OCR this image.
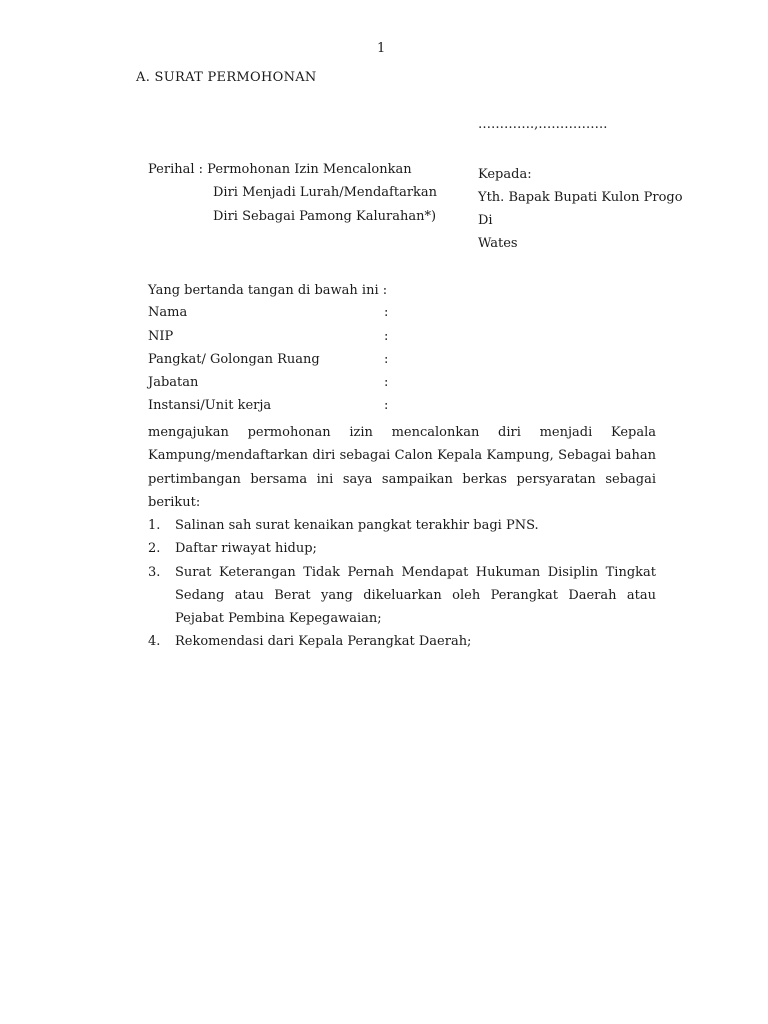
1
A. SURAT PERMOHONAN
………….,…………….
Perihal : Permohonan Izin Mencalonkan
Diri Menjadi Lurah/Mendaftarkan
Diri Sebagai Pamong Kalurahan*)
Kepada:
Yth. Bapak Bupati Kulon Progo
Di
Wates
Yang bertanda tangan di bawah ini :
Nama	:
NIP	:
Pangkat/ Golongan Ruang	:
Jabatan	:
Instansi/Unit kerja	:
mengajukan permohonan izin mencalonkan diri menjadi Kepala Kampung/mendaftarkan diri sebagai Calon Kepala Kampung, Sebagai bahan pertimbangan bersama ini saya sampaikan berkas persyaratan sebagai berikut:
1. Salinan sah surat kenaikan pangkat terakhir bagi PNS.
2. Daftar riwayat hidup;
3. Surat Keterangan Tidak Pernah Mendapat Hukuman Disiplin Tingkat Sedang atau Berat yang dikeluarkan oleh Perangkat Daerah atau Pejabat Pembina Kepegawaian;
4. Rekomendasi dari Kepala Perangkat Daerah;
